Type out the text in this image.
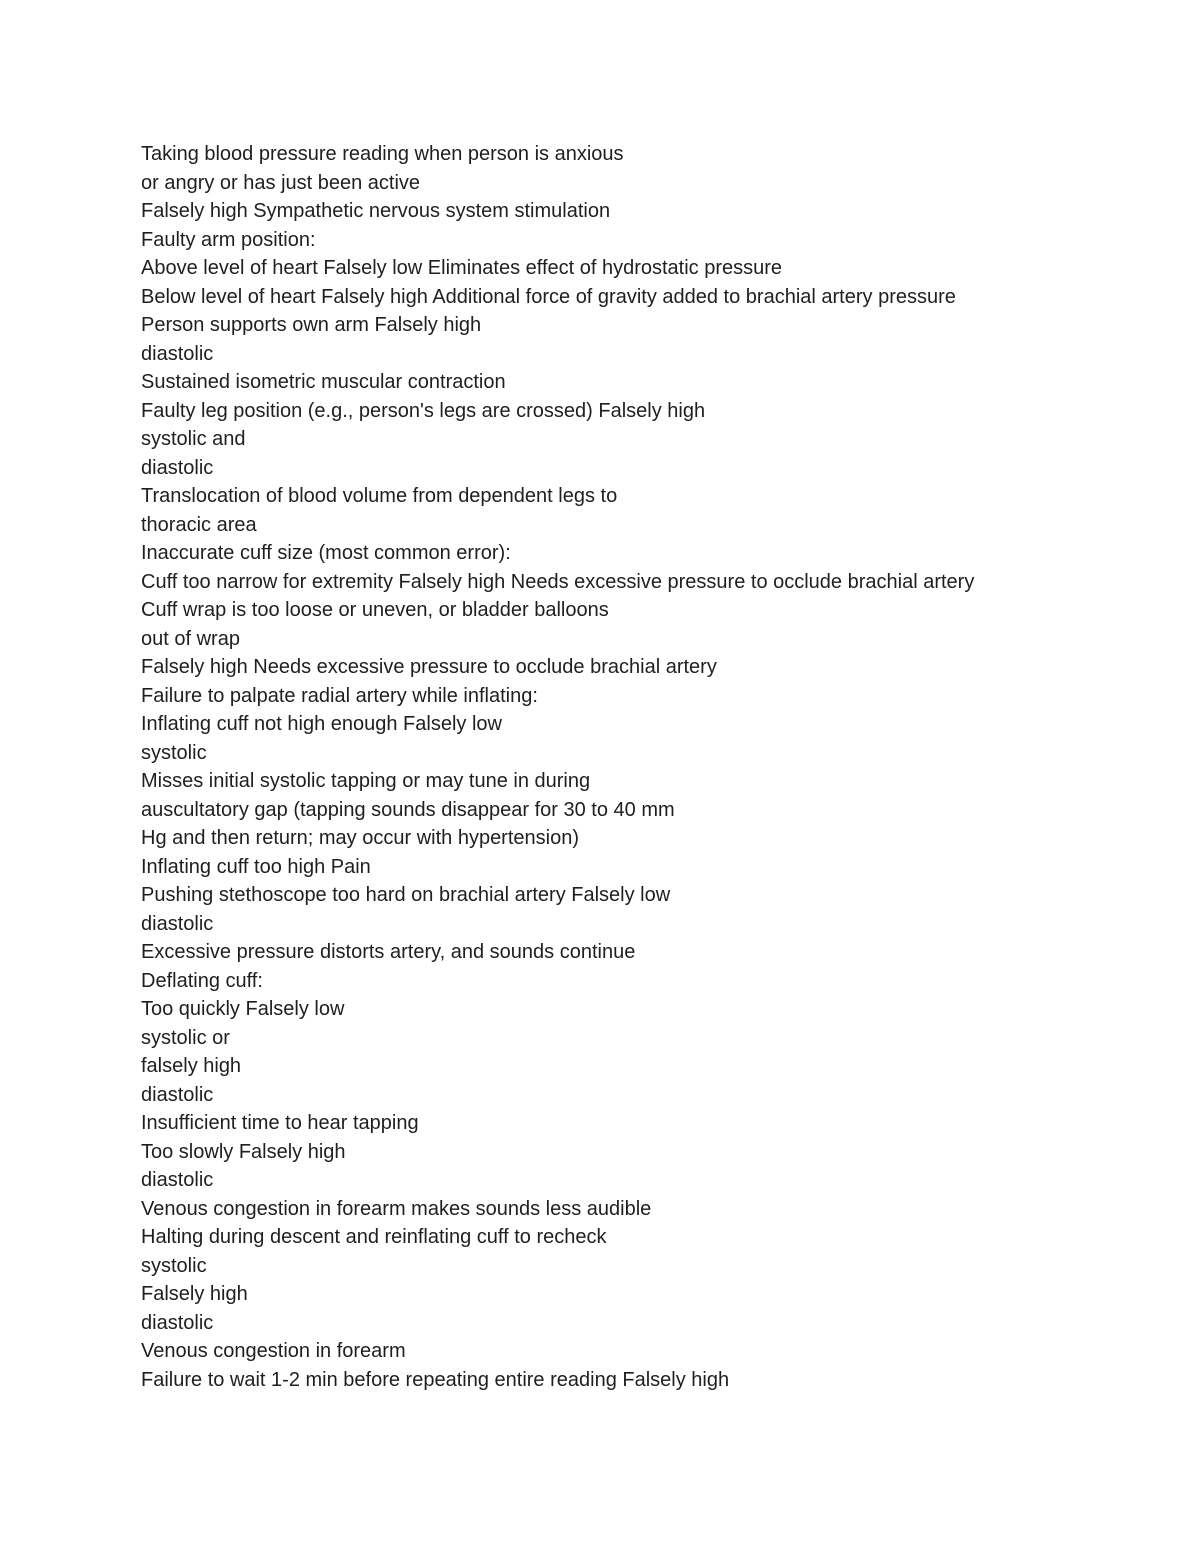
Taking blood pressure reading when person is anxious
or angry or has just been active
Falsely high Sympathetic nervous system stimulation
Faulty arm position:
Above level of heart Falsely low Eliminates effect of hydrostatic pressure
Below level of heart Falsely high Additional force of gravity added to brachial artery pressure
Person supports own arm Falsely high
diastolic
Sustained isometric muscular contraction
Faulty leg position (e.g., person's legs are crossed) Falsely high
systolic and
diastolic
Translocation of blood volume from dependent legs to
thoracic area
Inaccurate cuff size (most common error):
Cuff too narrow for extremity Falsely high Needs excessive pressure to occlude brachial artery
Cuff wrap is too loose or uneven, or bladder balloons
out of wrap
Falsely high Needs excessive pressure to occlude brachial artery
Failure to palpate radial artery while inflating:
Inflating cuff not high enough Falsely low
systolic
Misses initial systolic tapping or may tune in during
auscultatory gap (tapping sounds disappear for 30 to 40 mm
Hg and then return; may occur with hypertension)
Inflating cuff too high Pain
Pushing stethoscope too hard on brachial artery Falsely low
diastolic
Excessive pressure distorts artery, and sounds continue
Deflating cuff:
Too quickly Falsely low
systolic or
falsely high
diastolic
Insufficient time to hear tapping
Too slowly Falsely high
diastolic
Venous congestion in forearm makes sounds less audible
Halting during descent and reinflating cuff to recheck
systolic
Falsely high
diastolic
Venous congestion in forearm
Failure to wait 1-2 min before repeating entire reading Falsely high
